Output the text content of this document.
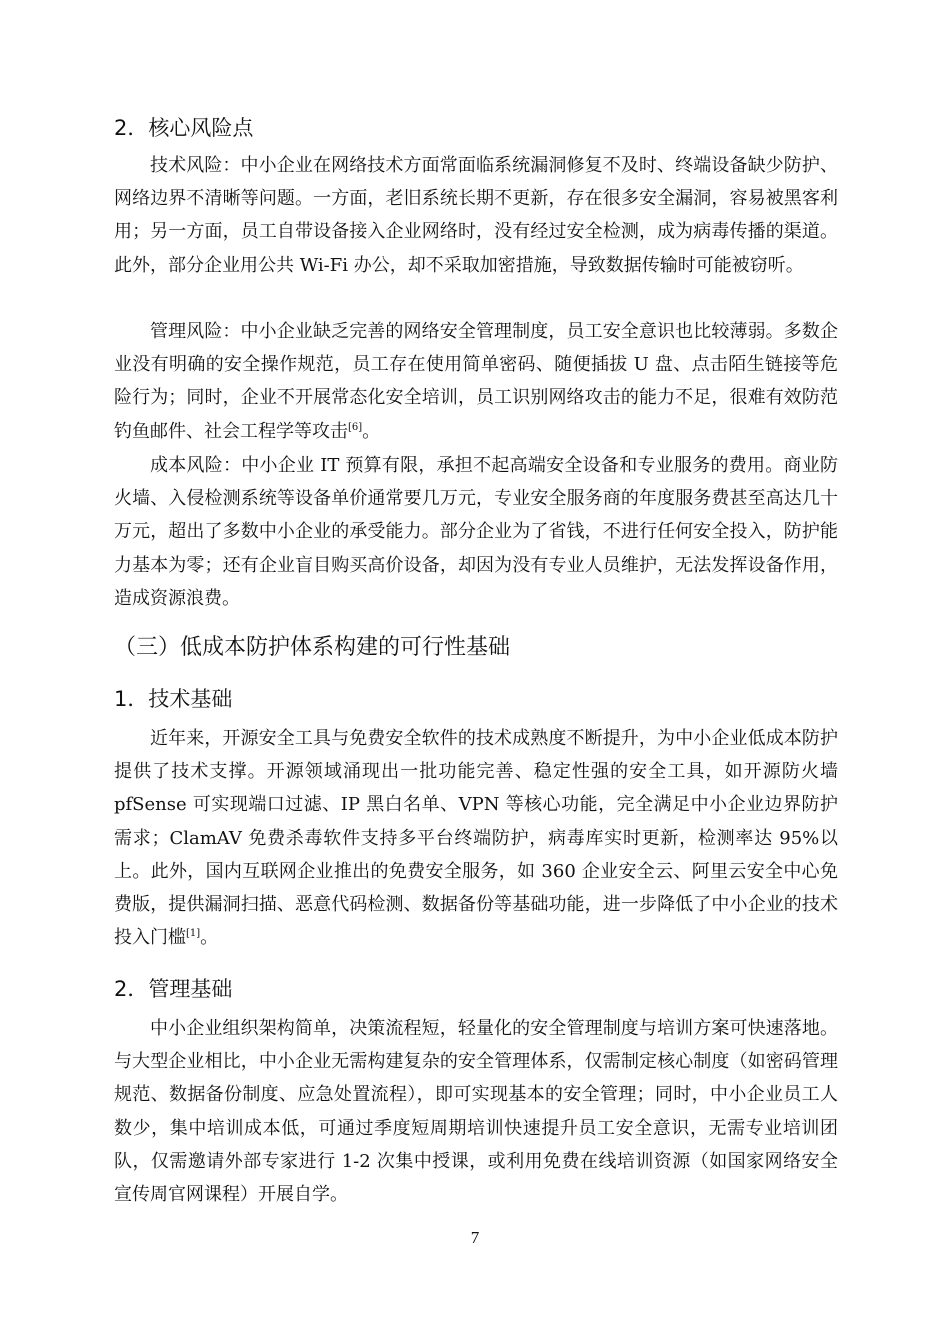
2．核心风险点

技术风险：中小企业在网络技术方面常面临系统漏洞修复不及时、终端设备缺少防护、网络边界不清晰等问题。一方面，老旧系统长期不更新，存在很多安全漏洞，容易被黑客利用；另一方面，员工自带设备接入企业网络时，没有经过安全检测，成为病毒传播的渠道。此外，部分企业用公共 Wi-Fi 办公，却不采取加密措施，导致数据传输时可能被窃听。

管理风险：中小企业缺乏完善的网络安全管理制度，员工安全意识也比较薄弱。多数企业没有明确的安全操作规范，员工存在使用简单密码、随便插拔 U 盘、点击陌生链接等危险行为；同时，企业不开展常态化安全培训，员工识别网络攻击的能力不足，很难有效防范钓鱼邮件、社会工程学等攻击[6]。

成本风险：中小企业 IT 预算有限，承担不起高端安全设备和专业服务的费用。商业防火墙、入侵检测系统等设备单价通常要几万元，专业安全服务商的年度服务费甚至高达几十万元，超出了多数中小企业的承受能力。部分企业为了省钱，不进行任何安全投入，防护能力基本为零；还有企业盲目购买高价设备，却因为没有专业人员维护，无法发挥设备作用，造成资源浪费。

（三）低成本防护体系构建的可行性基础
1．技术基础

近年来，开源安全工具与免费安全软件的技术成熟度不断提升，为中小企业低成本防护提供了技术支撑。开源领域涌现出一批功能完善、稳定性强的安全工具，如开源防火墙 pfSense 可实现端口过滤、IP 黑白名单、VPN 等核心功能，完全满足中小企业边界防护需求；ClamAV 免费杀毒软件支持多平台终端防护，病毒库实时更新，检测率达 95%以上。此外，国内互联网企业推出的免费安全服务，如 360 企业安全云、阿里云安全中心免费版，提供漏洞扫描、恶意代码检测、数据备份等基础功能，进一步降低了中小企业的技术投入门槛[1]。

2．管理基础

中小企业组织架构简单，决策流程短，轻量化的安全管理制度与培训方案可快速落地。与大型企业相比，中小企业无需构建复杂的安全管理体系，仅需制定核心制度（如密码管理规范、数据备份制度、应急处置流程），即可实现基本的安全管理；同时，中小企业员工人数少，集中培训成本低，可通过季度短周期培训快速提升员工安全意识，无需专业培训团队，仅需邀请外部专家进行 1-2 次集中授课，或利用免费在线培训资源（如国家网络安全宣传周官网课程）开展自学。

7
